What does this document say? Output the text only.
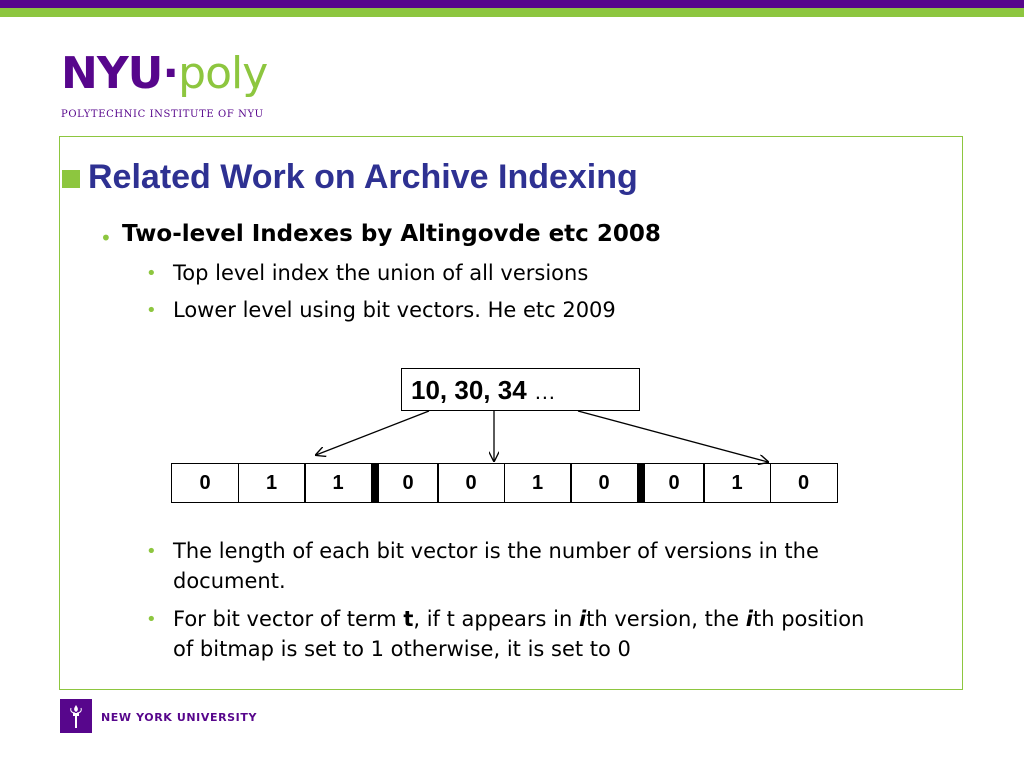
NYU·poly
POLYTECHNIC INSTITUTE OF NYU
Related Work on Archive Indexing
• Two-level Indexes by Altingovde etc 2008
• Top level index the union of all versions
• Lower level using bit vectors. He etc 2009
10, 30, 34 …
0	1	1	0	0	1	0	0	1	0
• The length of each bit vector is the number of versions in the
document.
• For bit vector of term t, if t appears in ith version, the ith position
of bitmap is set to 1 otherwise, it is set to 0
NEW YORK UNIVERSITY
